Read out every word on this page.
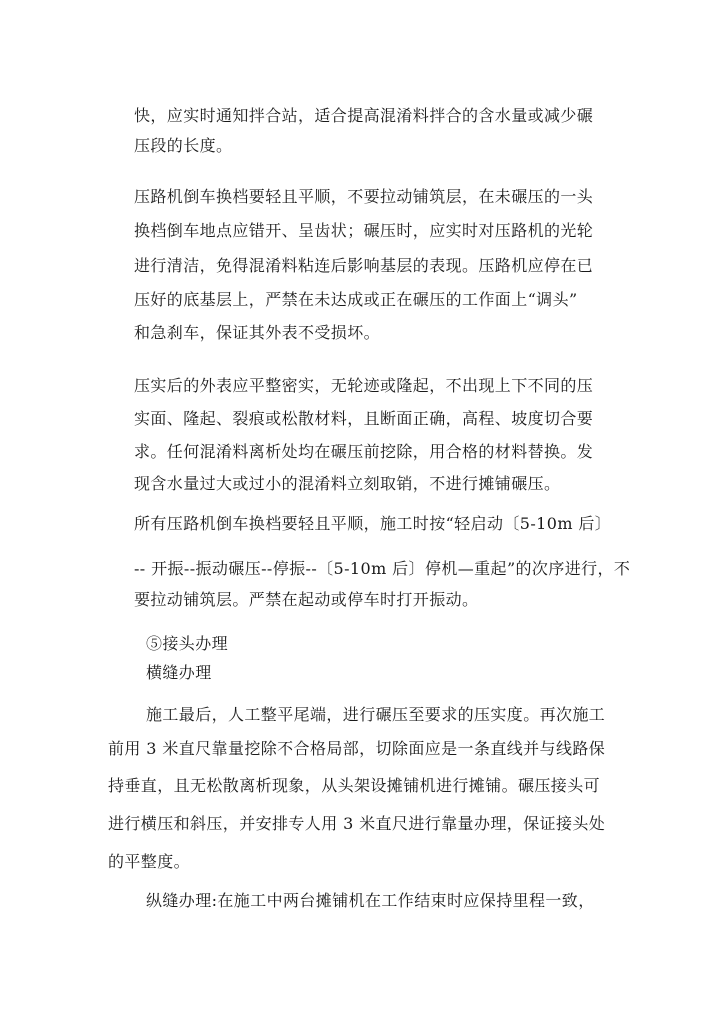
快，应实时通知拌合站，适合提高混淆料拌合的含水量或减少碾
压段的长度。
压路机倒车换档要轻且平顺，不要拉动铺筑层，在未碾压的一头
换档倒车地点应错开、呈齿状；碾压时，应实时对压路机的光轮
进行清洁，免得混淆料粘连后影响基层的表现。压路机应停在已
压好的底基层上，严禁在未达成或正在碾压的工作面上“调头”
和急刹车，保证其外表不受损坏。
压实后的外表应平整密实，无轮迹或隆起，不出现上下不同的压
实面、隆起、裂痕或松散材料，且断面正确，高程、坡度切合要
求。任何混淆料离析处均在碾压前挖除，用合格的材料替换。发
现含水量过大或过小的混淆料立刻取销，不进行摊铺碾压。
所有压路机倒车换档要轻且平顺，施工时按“轻启动〔5-10m 后〕
-- 开振--振动碾压--停振--〔5-10m 后〕停机—重起”的次序进行，不
要拉动铺筑层。严禁在起动或停车时打开振动。
⑤接头办理
横缝办理
施工最后，人工整平尾端，进行碾压至要求的压实度。再次施工
前用 3 米直尺靠量挖除不合格局部，切除面应是一条直线并与线路保
持垂直，且无松散离析现象，从头架设摊铺机进行摊铺。碾压接头可
进行横压和斜压，并安排专人用 3 米直尺进行靠量办理，保证接头处
的平整度。
纵缝办理:在施工中两台摊铺机在工作结束时应保持里程一致，
